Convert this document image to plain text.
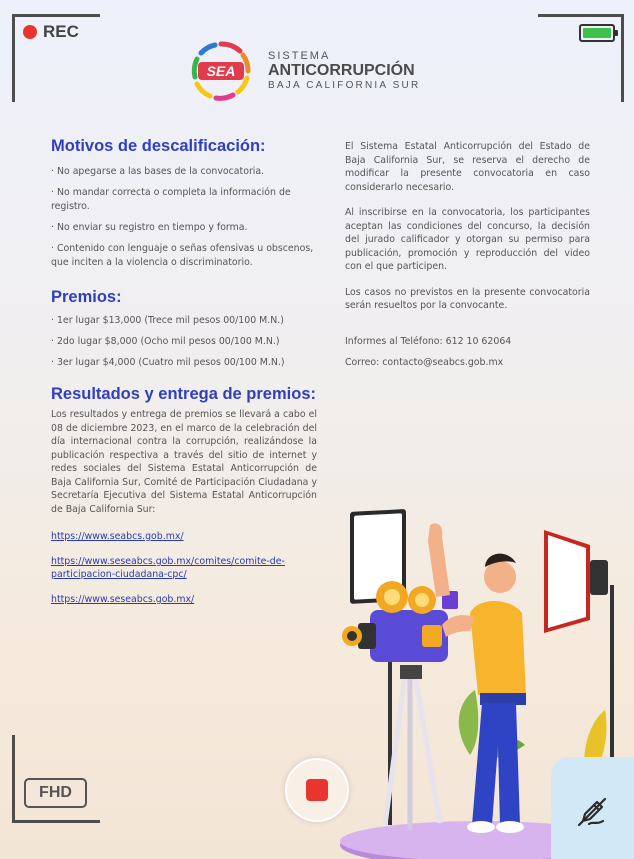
REC
SEA
SISTEMA
ANTICORRUPCIÓN
BAJA CALIFORNIA SUR
Motivos de descalificación:

· No apegarse a las bases de la convocatoria.

· No mandar correcta o completa la información de registro.

· No enviar su registro en tiempo y forma.

· Contenido con lenguaje o señas ofensivas u obscenos, que inciten a la violencia o discriminatorio.

Premios:

· 1er lugar $13,000 (Trece mil pesos 00/100 M.N.)

· 2do lugar $8,000 (Ocho mil pesos 00/100 M.N.)

· 3er lugar $4,000 (Cuatro mil pesos 00/100 M.N.)

Resultados y entrega de premios:

Los resultados y entrega de premios se llevará a cabo el 08 de diciembre 2023, en el marco de la celebración del día internacional contra la corrupción, realizándose la publicación respectiva a través del sitio de internet y redes sociales del Sistema Estatal Anticorrupción de Baja California Sur, Comité de Participación Ciudadana y Secretaría Ejecutiva del Sistema Estatal Anticorrupción de Baja California Sur:

https://www.seabcs.gob.mx/
https://www.seseabcs.gob.mx/comites/comite-de-participacion-ciudadana-cpc/
https://www.seseabcs.gob.mx/

El Sistema Estatal Anticorrupción del Estado de Baja California Sur, se reserva el derecho de modificar la presente convocatoria en caso considerarlo necesario.

Al inscribirse en la convocatoria, los participantes aceptan las condiciones del concurso, la decisión del jurado calificador y otorgan su permiso para publicación, promoción y reproducción del video con el que participen.

Los casos no previstos en la presente convocatoria serán resueltos por la convocante.

Informes al Teléfono: 612 10 62064

Correo: contacto@seabcs.gob.mx

FHD
